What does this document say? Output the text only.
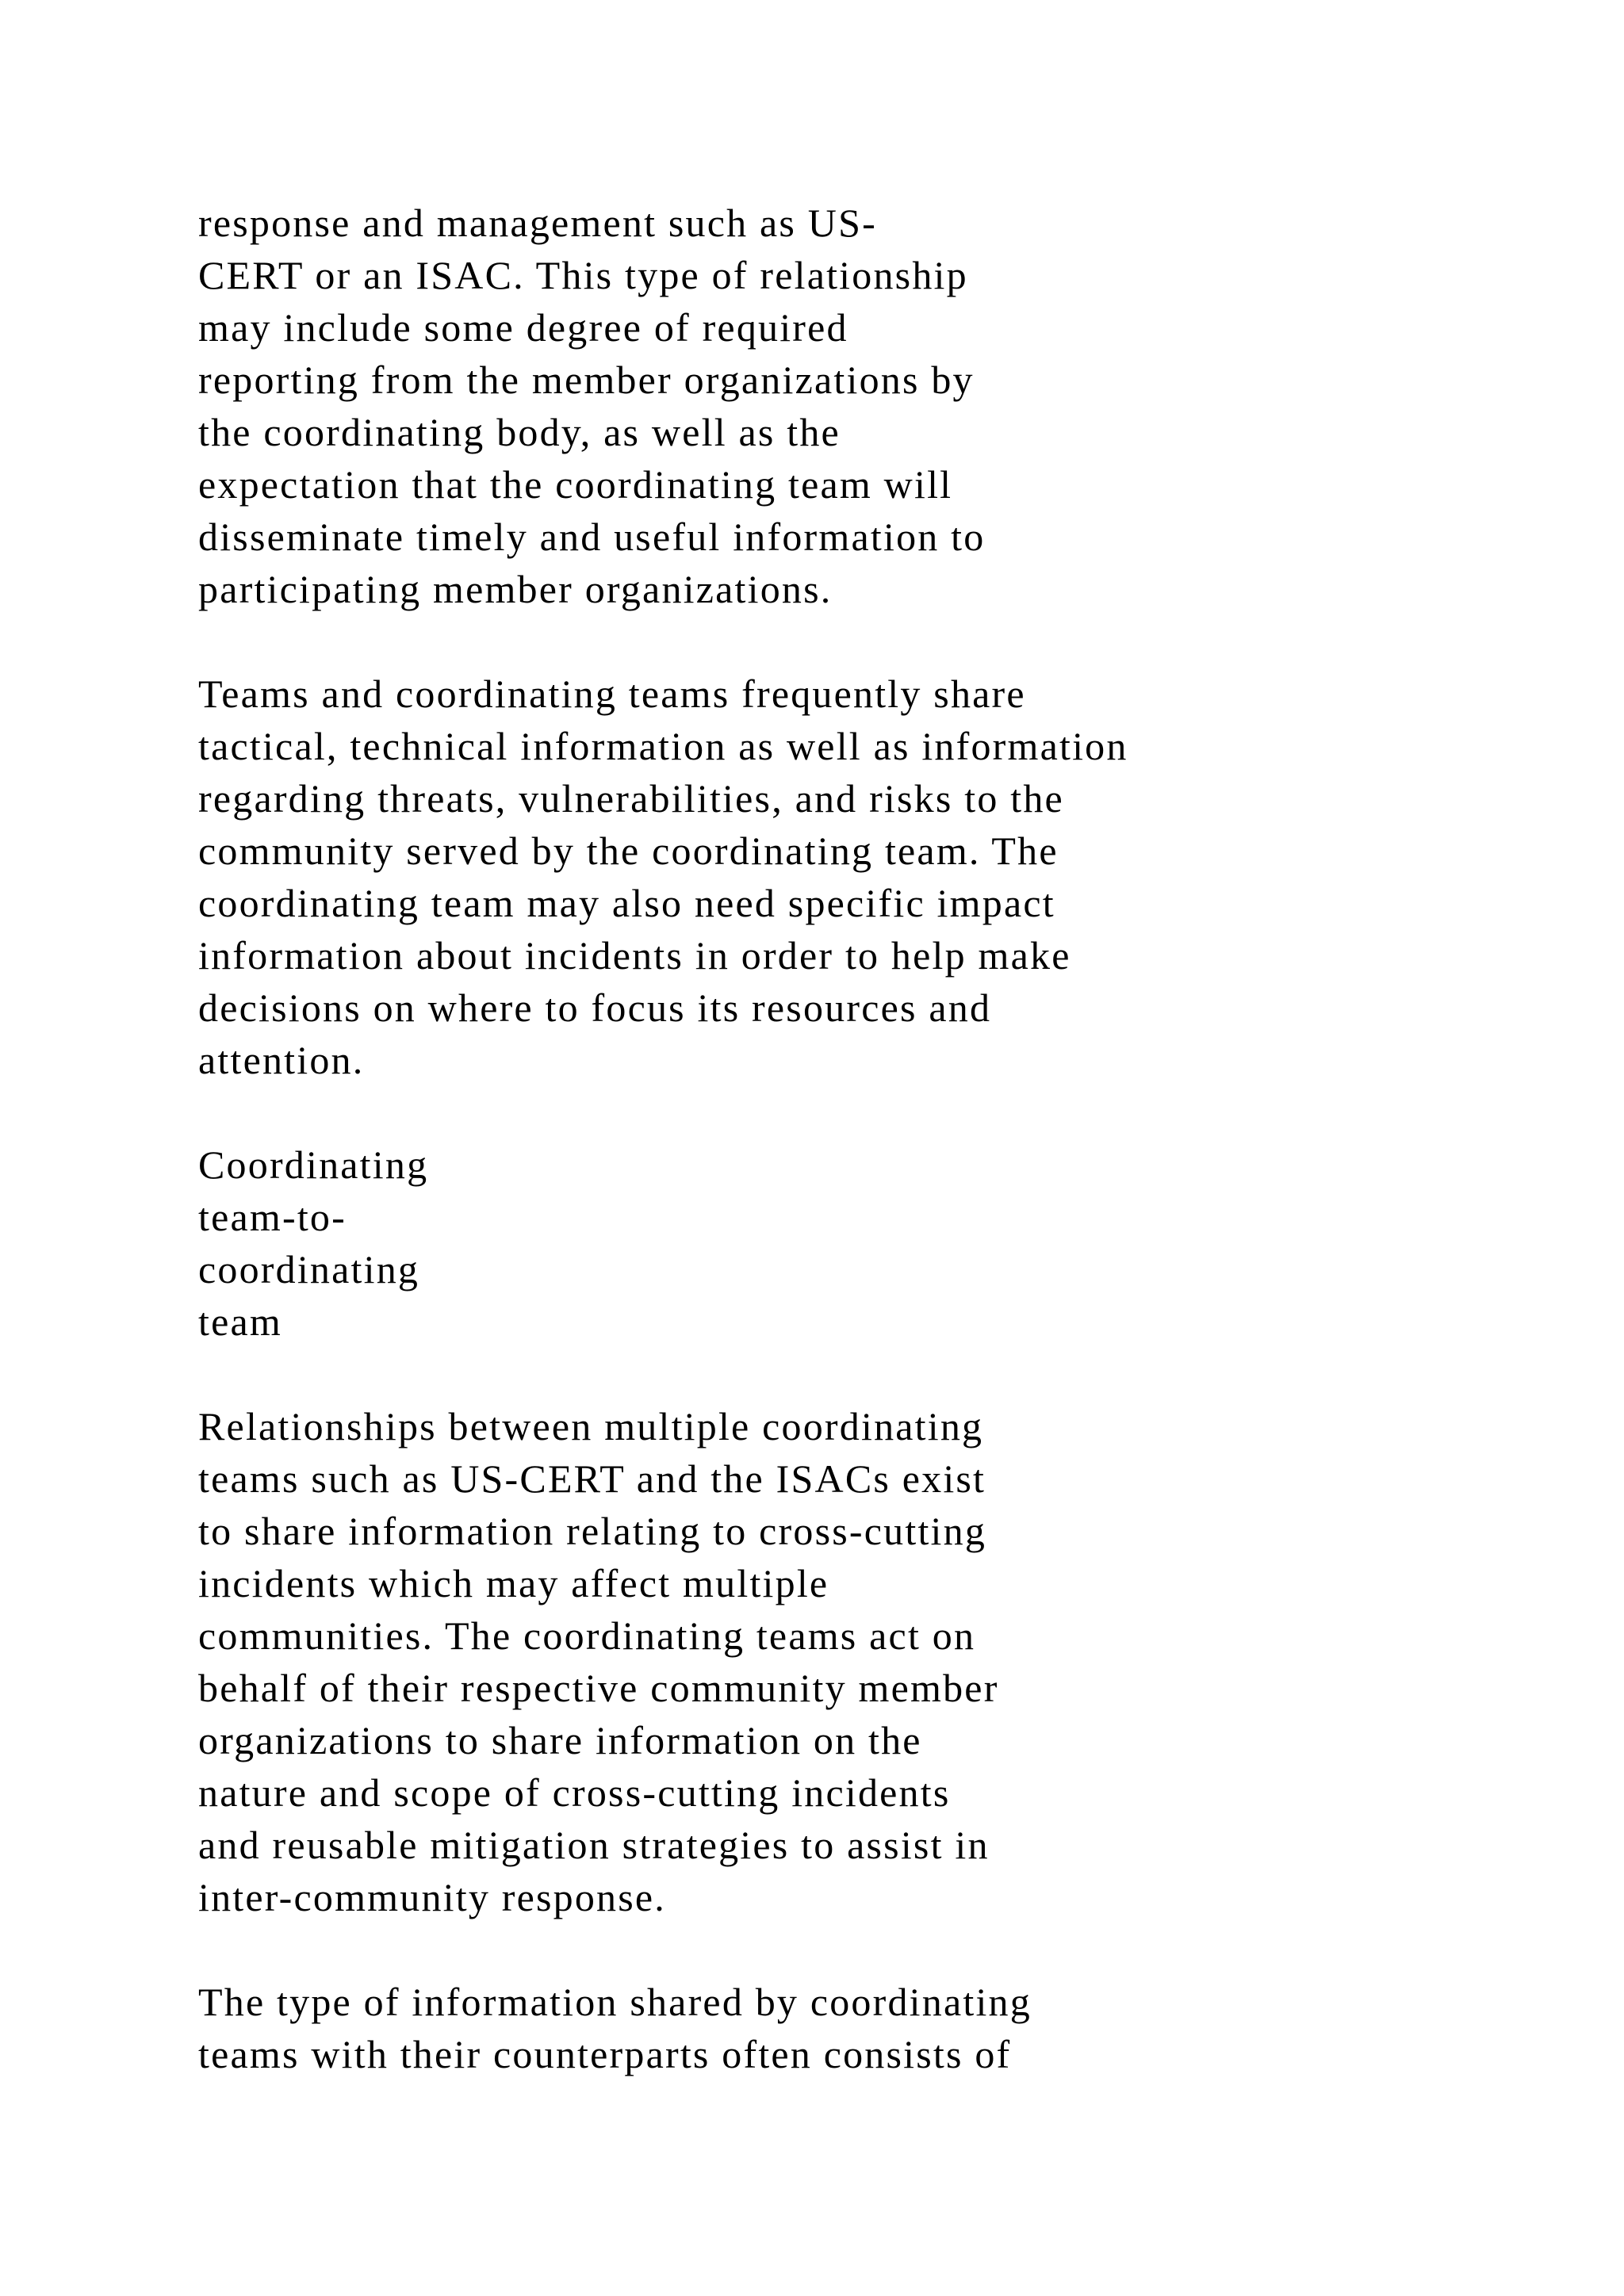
response and management such as US-
CERT or an ISAC. This type of relationship
may include some degree of required
reporting from the member organizations by
the coordinating body, as well as the
expectation that the coordinating team will
disseminate timely and useful information to
participating member organizations.
Teams and coordinating teams frequently share
tactical, technical information as well as information
regarding threats, vulnerabilities, and risks to the
community served by the coordinating team. The
coordinating team may also need specific impact
information about incidents in order to help make
decisions on where to focus its resources and
attention.
Coordinating
team-to-
coordinating
team
Relationships between multiple coordinating
teams such as US-CERT and the ISACs exist
to share information relating to cross-cutting
incidents which may affect multiple
communities. The coordinating teams act on
behalf of their respective community member
organizations to share information on the
nature and scope of cross-cutting incidents
and reusable mitigation strategies to assist in
inter-community response.
The type of information shared by coordinating
teams with their counterparts often consists of
